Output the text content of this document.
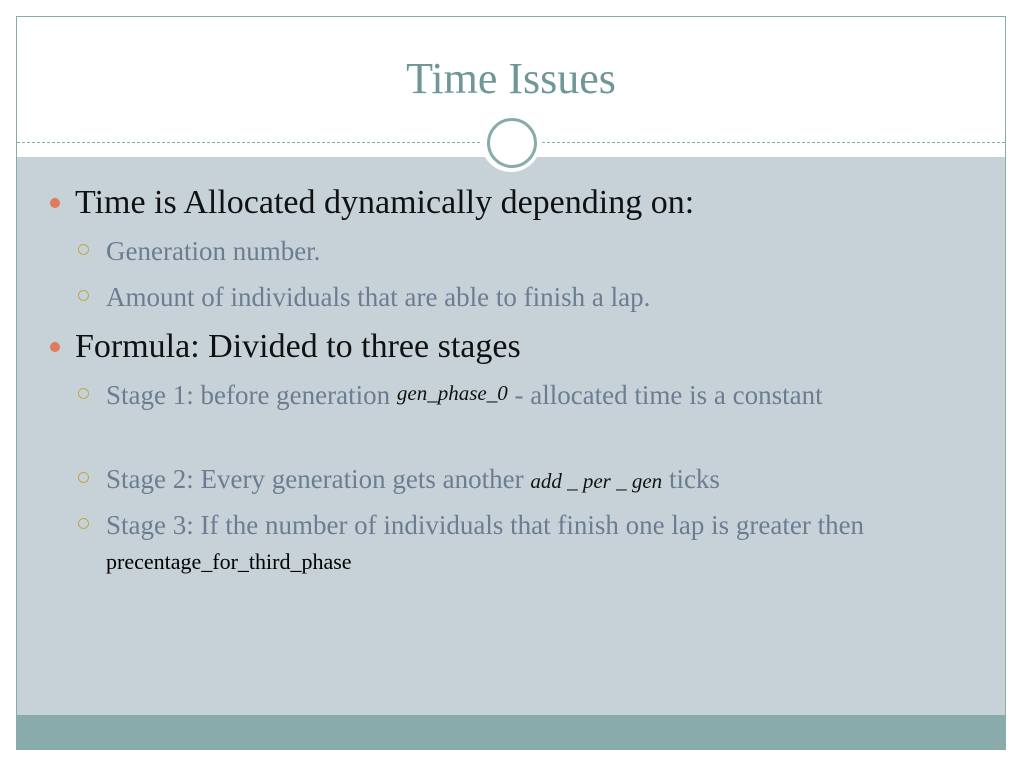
Time Issues
Time is Allocated dynamically depending on:
Generation number.
Amount of individuals that are able to finish a lap.
Formula: Divided to three stages
Stage 1: before generation gen_phase_0 - allocated time is a constant
Stage 2: Every generation gets another add _ per _ gen ticks
Stage 3: If the number of individuals that finish one lap is greater then precentage_for_third_phase
